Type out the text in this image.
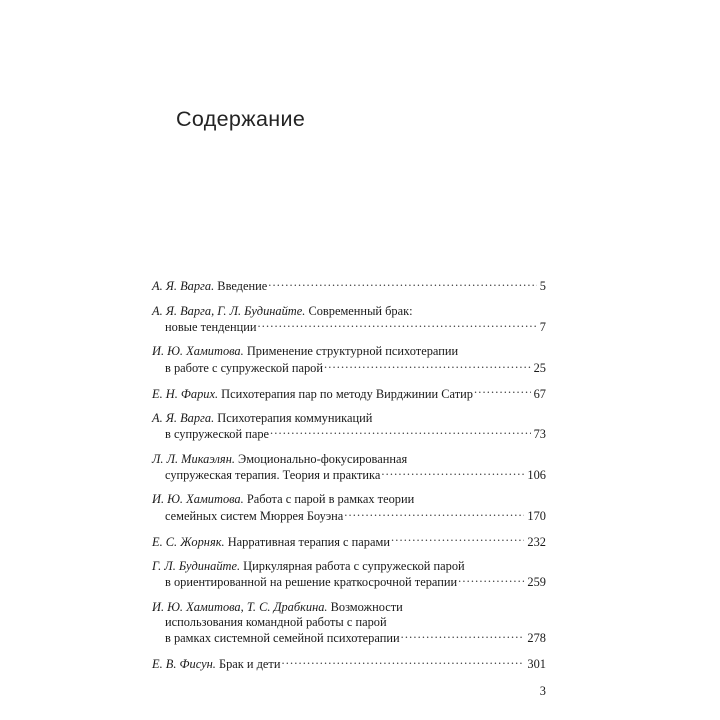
Содержание
А. Я. Варга. Введение .....	5
А. Я. Варга, Г. Л. Будинайте. Современный брак:
новые тенденции .....	7
И. Ю. Хамитова. Применение структурной психотерапии
в работе с супружеской парой .....	25
Е. Н. Фарих. Психотерапия пар по методу Вирджинии Сатир .....	67
А. Я. Варга. Психотерапия коммуникаций
в супружеской паре .....	73
Л. Л. Микаэлян. Эмоционально-фокусированная
супружеская терапия. Теория и практика .....	106
И. Ю. Хамитова. Работа с парой в рамках теории
семейных систем Мюррея Боуэна .....	170
Е. С. Жорняк. Нарративная терапия с парами .....	232
Г. Л. Будинайте. Циркулярная работа с супружеской парой
в ориентированной на решение краткосрочной терапии .....	259
И. Ю. Хамитова, Т. С. Драбкина. Возможности
использования командной работы с парой
в рамках системной семейной психотерапии .....	278
Е. В. Фисун. Брак и дети .....	301
3
